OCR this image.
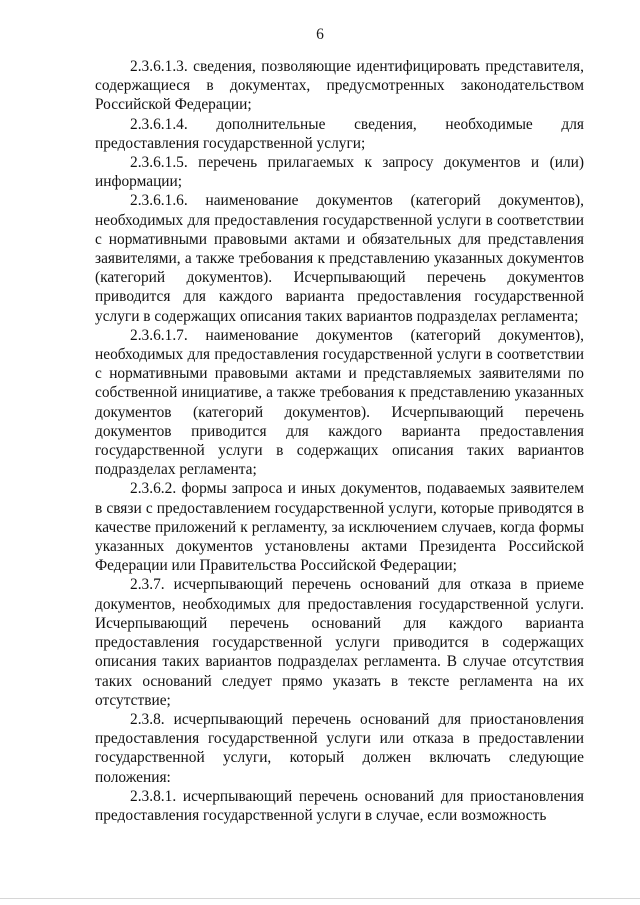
6

2.3.6.1.3. сведения, позволяющие идентифицировать представителя, содержащиеся в документах, предусмотренных законодательством Российской Федерации;

2.3.6.1.4. дополнительные сведения, необходимые для предоставления государственной услуги;

2.3.6.1.5. перечень прилагаемых к запросу документов и (или) информации;

2.3.6.1.6. наименование документов (категорий документов), необходимых для предоставления государственной услуги в соответствии с нормативными правовыми актами и обязательных для представления заявителями, а также требования к представлению указанных документов (категорий документов). Исчерпывающий перечень документов приводится для каждого варианта предоставления государственной услуги в содержащих описания таких вариантов подразделах регламента;

2.3.6.1.7. наименование документов (категорий документов), необходимых для предоставления государственной услуги в соответствии с нормативными правовыми актами и представляемых заявителями по собственной инициативе, а также требования к представлению указанных документов (категорий документов). Исчерпывающий перечень документов приводится для каждого варианта предоставления государственной услуги в содержащих описания таких вариантов подразделах регламента;

2.3.6.2. формы запроса и иных документов, подаваемых заявителем в связи с предоставлением государственной услуги, которые приводятся в качестве приложений к регламенту, за исключением случаев, когда формы указанных документов установлены актами Президента Российской Федерации или Правительства Российской Федерации;

2.3.7. исчерпывающий перечень оснований для отказа в приеме документов, необходимых для предоставления государственной услуги. Исчерпывающий перечень оснований для каждого варианта предоставления государственной услуги приводится в содержащих описания таких вариантов подразделах регламента. В случае отсутствия таких оснований следует прямо указать в тексте регламента на их отсутствие;

2.3.8. исчерпывающий перечень оснований для приостановления предоставления государственной услуги или отказа в предоставлении государственной услуги, который должен включать следующие положения:

2.3.8.1. исчерпывающий перечень оснований для приостановления предоставления государственной услуги в случае, если возможность
